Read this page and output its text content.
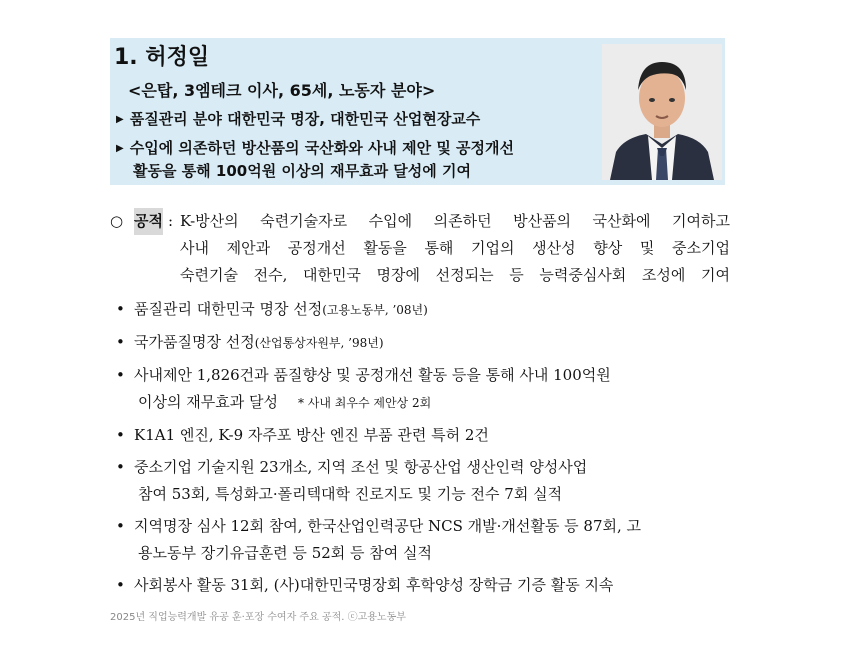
1. 허정일
<은탑, 3엠테크 이사, 65세, 노동자 분야>
▶ 품질관리 분야 대한민국 명장, 대한민국 산업현장교수
▶ 수입에 의존하던 방산품의 국산화와 사내 제안 및 공정개선
활동을 통해 100억원 이상의 재무효과 달성에 기여
○ 공적 : K-방산의 숙련기술자로 수입에 의존하던 방산품의 국산화에 기여하고
사내 제안과 공정개선 활동을 통해 기업의 생산성 향상 및 중소기업
숙련기술 전수, 대한민국 명장에 선정되는 등 능력중심사회 조성에 기여
• 품질관리 대한민국 명장 선정(고용노동부, ’08년)
• 국가품질명장 선정(산업통상자원부, ’98년)
• 사내제안 1,826건과 품질향상 및 공정개선 활동 등을 통해 사내 100억원
이상의 재무효과 달성 * 사내 최우수 제안상 2회
• K1A1 엔진, K-9 자주포 방산 엔진 부품 관련 특허 2건
• 중소기업 기술지원 23개소, 지역 조선 및 항공산업 생산인력 양성사업
참여 53회, 특성화고·폴리텍대학 진로지도 및 기능 전수 7회 실적
• 지역명장 심사 12회 참여, 한국산업인력공단 NCS 개발·개선활동 등 87회, 고
용노동부 장기유급훈련 등 52회 등 참여 실적
• 사회봉사 활동 31회, (사)대한민국명장회 후학양성 장학금 기증 활동 지속
2025년 직업능력개발 유공 훈·포장 수여자 주요 공적. ⓒ고용노동부
